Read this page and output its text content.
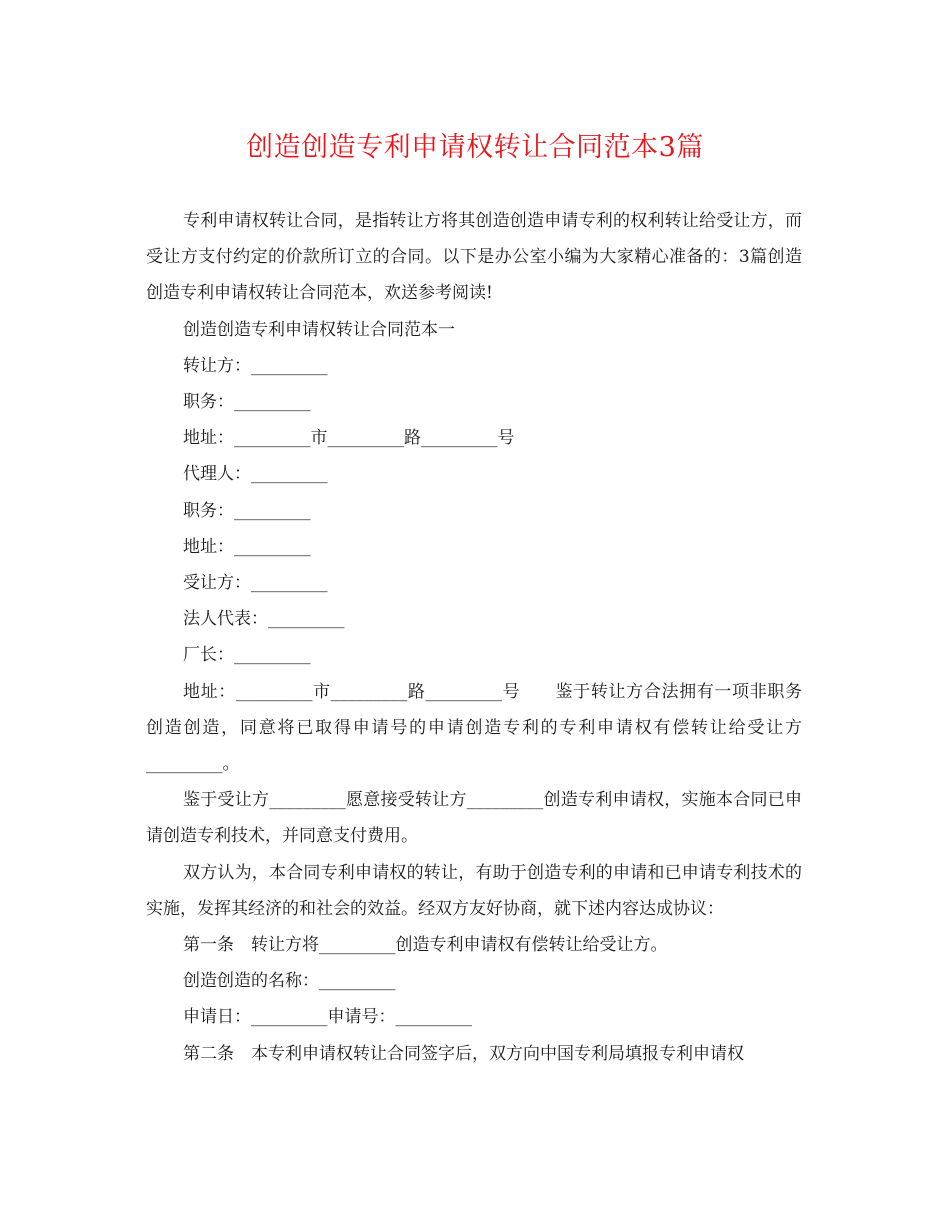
创造创造专利申请权转让合同范本3篇

专利申请权转让合同，是指转让方将其创造创造申请专利的权利转让给受让方，而受让方支付约定的价款所订立的合同。以下是办公室小编为大家精心准备的：3篇创造创造专利申请权转让合同范本，欢送参考阅读!

创造创造专利申请权转让合同范本一

转让方：_________

职务：_________

地址：_________市_________路_________号

代理人：_________

职务：_________

地址：_________

受让方：_________

法人代表：_________

厂长：_________

地址：_________市_________路_________号　　鉴于转让方合法拥有一项非职务创造创造，同意将已取得申请号的申请创造专利的专利申请权有偿转让给受让方_________。

鉴于受让方_________愿意接受转让方_________创造专利申请权，实施本合同已申请创造专利技术，并同意支付费用。

双方认为，本合同专利申请权的转让，有助于创造专利的申请和已申请专利技术的实施，发挥其经济的和社会的效益。经双方友好协商，就下述内容达成协议：

第一条　转让方将_________创造专利申请权有偿转让给受让方。

创造创造的名称：_________

申请日：_________申请号：_________

第二条　本专利申请权转让合同签字后，双方向中国专利局填报专利申请权
